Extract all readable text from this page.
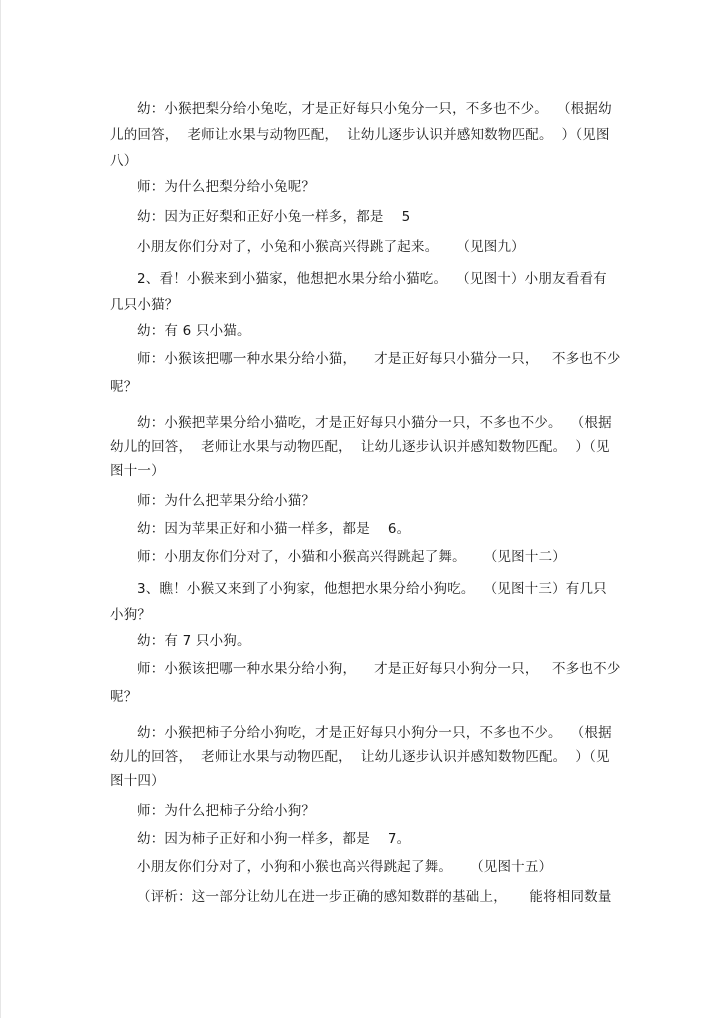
幼：小猴把梨分给小兔吃，才是正好每只小兔分一只，不多也不少。  （根据幼
儿的回答，  老师让水果与动物匹配，  让幼儿逐步认识并感知数物匹配。  ）（见图
八）
师：为什么把梨分给小兔呢？
幼：因为正好梨和正好小兔一样多，都是    5
小朋友你们分对了，小兔和小猴高兴得跳了起来。    （见图九）
2、看！小猴来到小猫家，他想把水果分给小猫吃。  （见图十）小朋友看看有
几只小猫？
幼：有 6 只小猫。
师：小猴该把哪一种水果分给小猫，    才是正好每只小猫分一只，   不多也不少
呢？
幼：小猴把苹果分给小猫吃，才是正好每只小猫分一只，不多也不少。  （根据
幼儿的回答，  老师让水果与动物匹配，  让幼儿逐步认识并感知数物匹配。  ）（见
图十一）
师：为什么把苹果分给小猫？
幼：因为苹果正好和小猫一样多，都是    6。
师：小朋友你们分对了，小猫和小猴高兴得跳起了舞。    （见图十二）
3、瞧！小猴又来到了小狗家，他想把水果分给小狗吃。  （见图十三）有几只
小狗？
幼：有 7 只小狗。
师：小猴该把哪一种水果分给小狗，    才是正好每只小狗分一只，   不多也不少
呢？
幼：小猴把柿子分给小狗吃，才是正好每只小狗分一只，不多也不少。  （根据
幼儿的回答，  老师让水果与动物匹配，  让幼儿逐步认识并感知数物匹配。  ）（见
图十四）
师：为什么把柿子分给小狗？
幼：因为柿子正好和小狗一样多，都是    7。
小朋友你们分对了，小狗和小猴也高兴得跳起了舞。    （见图十五）
（评析：这一部分让幼儿在进一步正确的感知数群的基础上，     能将相同数量
